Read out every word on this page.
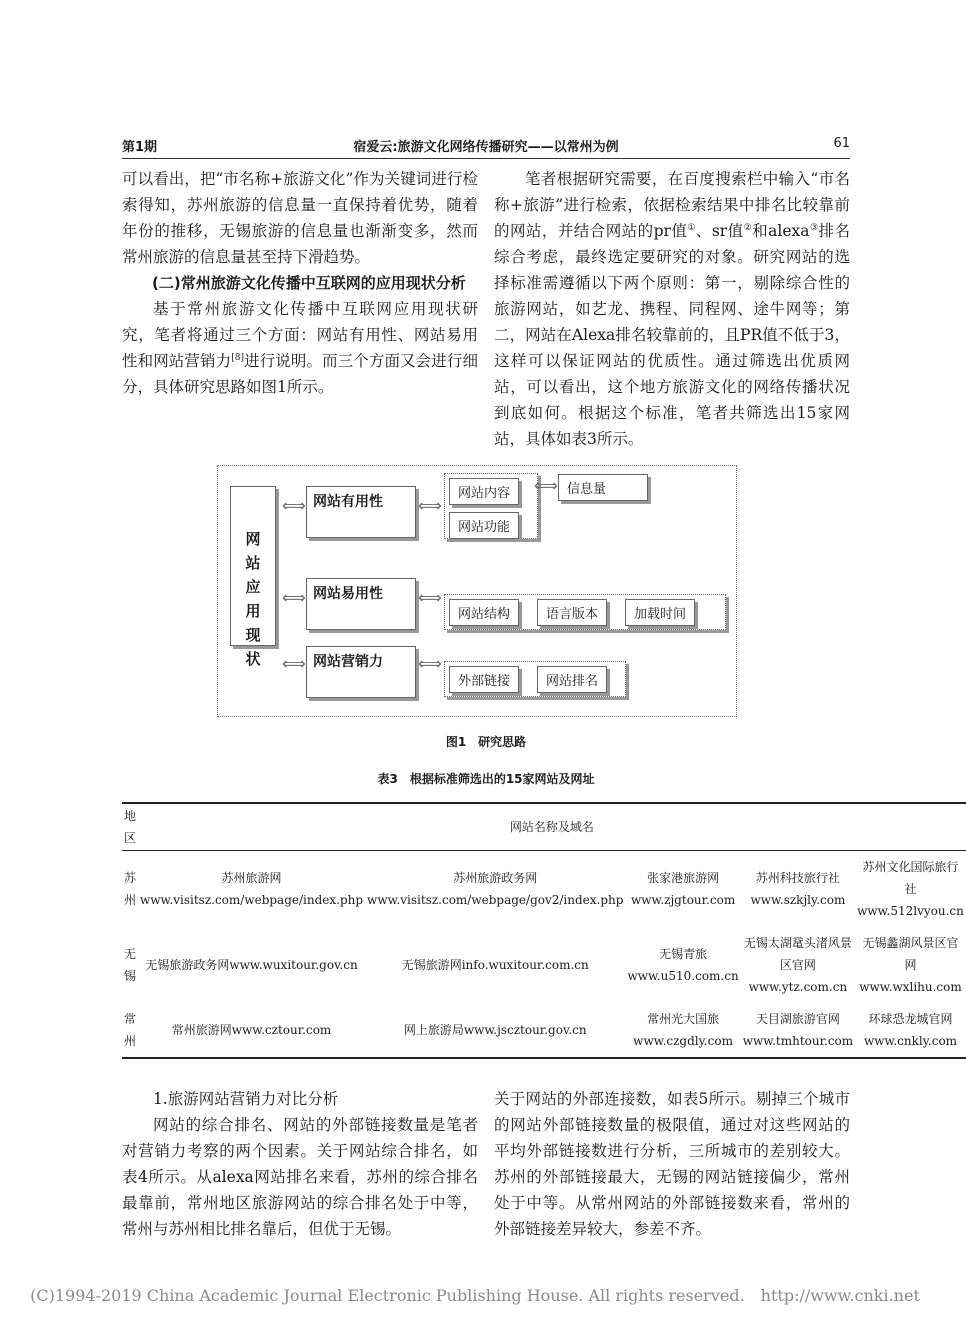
第1期	宿爱云:旅游文化网络传播研究——以常州为例	61

可以看出，把“市名称+旅游文化”作为关键词进行检索得知，苏州旅游的信息量一直保持着优势，随着年份的推移，无锡旅游的信息量也渐渐变多，然而常州旅游的信息量甚至持下滑趋势。

(二)常州旅游文化传播中互联网的应用现状分析

基于常州旅游文化传播中互联网应用现状研究，笔者将通过三个方面：网站有用性、网站易用性和网站营销力[8]进行说明。而三个方面又会进行细分，具体研究思路如图1所示。

笔者根据研究需要，在百度搜索栏中输入“市名称+旅游”进行检索，依据检索结果中排名比较靠前的网站，并结合网站的pr值①、sr值②和alexa③排名综合考虑，最终选定要研究的对象。研究网站的选择标准需遵循以下两个原则：第一，剔除综合性的旅游网站，如艺龙、携程、同程网、途牛网等；第二，网站在Alexa排名较靠前的，且PR值不低于3，这样可以保证网站的优质性。通过筛选出优质网站，可以看出，这个地方旅游文化的网络传播状况到底如何。根据这个标准，笔者共筛选出15家网站，具体如表3所示。

网站应用现状
⇐⇒
⇐⇒
⇐⇒
网站有用性
网站易用性
网站营销力
⇐⇒
⇐⇒
⇐⇒
网站内容
网站功能
⇐⇒ 信息量
网站结构	语言版本	加载时间
外部链接	网站排名
图1　研究思路
表3　根据标准筛选出的15家网站及网址
地区	网站名称及域名				
苏州	苏州旅游网www.visitsz.com/webpage/index.php	苏州旅游政务网www.visitsz.com/webpage/gov2/index.php	张家港旅游网www.zjgtour.com	苏州科技旅行社www.szkjly.com	苏州文化国际旅行社www.512lvyou.cn
无锡	无锡旅游政务网www.wuxitour.gov.cn	无锡旅游网info.wuxitour.com.cn	无锡青旅www.u510.com.cn	无锡太湖鼋头渚风景区官网www.ytz.com.cn	无锡蠡湖风景区官网www.wxlihu.com
常州	常州旅游网www.cztour.com	网上旅游局www.jscztour.gov.cn	常州光大国旅www.czgdly.com	天目湖旅游官网www.tmhtour.com	环球恐龙城官网www.cnkly.com

1.旅游网站营销力对比分析

网站的综合排名、网站的外部链接数量是笔者对营销力考察的两个因素。关于网站综合排名，如表4所示。从alexa网站排名来看，苏州的综合排名最靠前，常州地区旅游网站的综合排名处于中等，常州与苏州相比排名靠后，但优于无锡。

关于网站的外部连接数，如表5所示。剔掉三个城市的网站外部链接数量的极限值，通过对这些网站的平均外部链接数进行分析，三所城市的差别较大。苏州的外部链接最大，无锡的网站链接偏少，常州处于中等。从常州网站的外部链接数来看，常州的外部链接差异较大，参差不齐。

(C)1994-2019 China Academic Journal Electronic Publishing House. All rights reserved.　http://www.cnki.net
